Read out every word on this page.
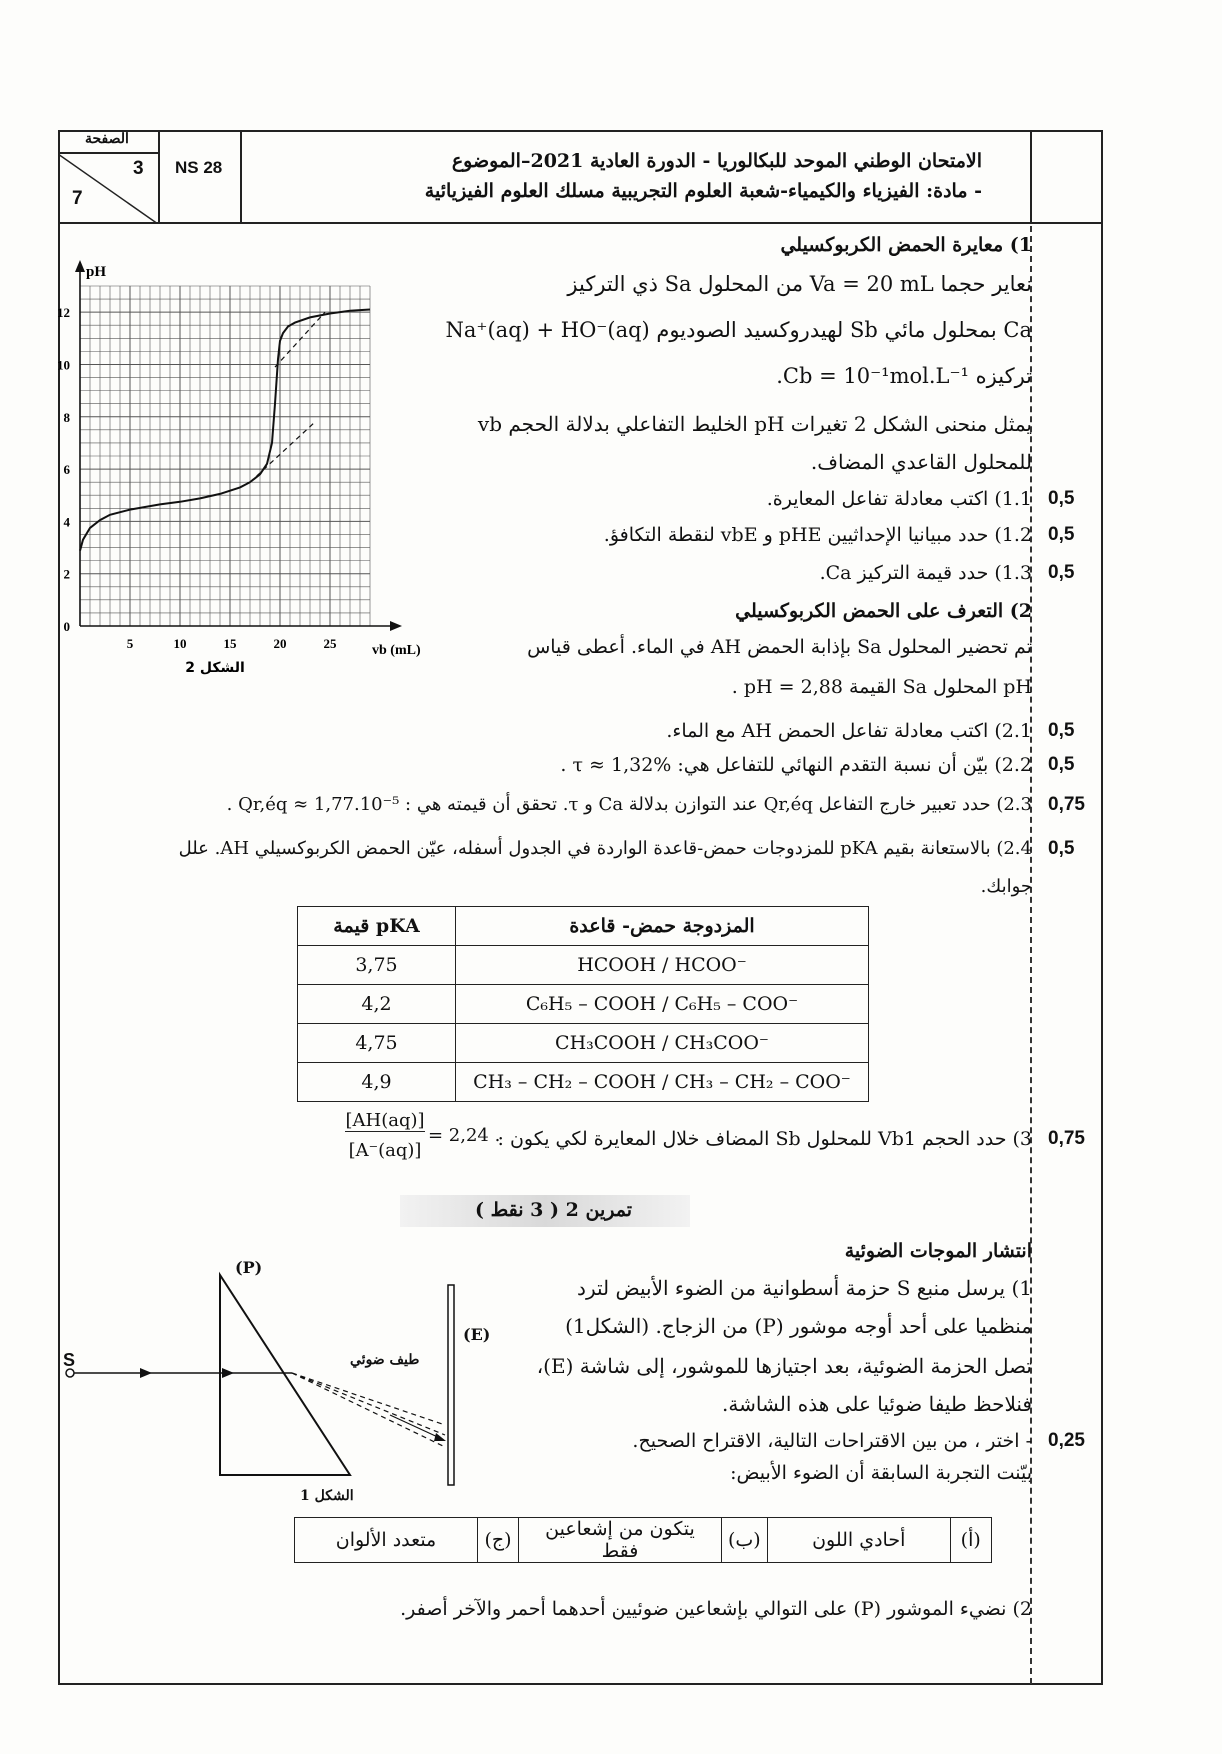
الصفحة
3
7
NS 28	الامتحان الوطني الموحد للبكالوريا - الدورة العادية 2021–الموضوع
- مادة: الفيزياء والكيمياء-شعبة العلوم التجريبية مسلك العلوم الفيزيائية
5	10	15	20	25
0
2
4
6
8
10
12
pH
vb (mL)
الشكل 2
1) معايرة الحمض الكربوكسيلي
نعاير حجما Va = 20 mL من المحلول Sa ذي التركيز
Ca بمحلول مائي Sb لهيدروكسيد الصوديوم Na⁺(aq) + HO⁻(aq)
تركيزه Cb = 10⁻¹mol.L⁻¹.
يمثل منحنى الشكل 2 تغيرات pH الخليط التفاعلي بدلالة الحجم vb
للمحلول القاعدي المضاف.
1.1) اكتب معادلة تفاعل المعايرة.
1.2) حدد مبيانيا الإحداثيين pHE و vbE لنقطة التكافؤ.
1.3) حدد قيمة التركيز Ca.
2) التعرف على الحمض الكربوكسيلي
تم تحضير المحلول Sa بإذابة الحمض AH في الماء. أعطى قياس
pH المحلول Sa القيمة pH = 2,88 .
2.1) اكتب معادلة تفاعل الحمض AH مع الماء.
2.2) بيّن أن نسبة التقدم النهائي للتفاعل هي: τ ≈ 1,32% .
2.3) حدد تعبير خارج التفاعل Qr,éq عند التوازن بدلالة Ca و τ. تحقق أن قيمته هي : Qr,éq ≈ 1,77.10⁻⁵ .
2.4) بالاستعانة بقيم pKA للمزدوجات حمض-قاعدة الواردة في الجدول أسفله، عيّن الحمض الكربوكسيلي AH. علل
جوابك.
قيمة pKA	المزدوجة حمض- قاعدة
3,75	HCOOH / HCOO⁻
4,2	C₆H₅ – COOH / C₆H₅ – COO⁻
4,75	CH₃COOH / CH₃COO⁻
4,9	CH₃ – CH₂ – COOH / CH₃ – CH₂ – COO⁻
3) حدد الحجم Vb1 للمحلول Sb المضاف خلال المعايرة لكي يكون :
[AH(aq)]
[A⁻(aq)]
= 2,24 .
تمرين 2 ( 3 نقط )
انتشار الموجات الضوئية
1) يرسل منبع S حزمة أسطوانية من الضوء الأبيض لترد
منظميا على أحد أوجه موشور (P) من الزجاج. (الشكل1)
تصل الحزمة الضوئية، بعد اجتيازها للموشور، إلى شاشة (E)،
فنلاحظ طيفا ضوئيا على هذه الشاشة.
- اختر ، من بين الاقتراحات التالية، الاقتراح الصحيح.
بيّنت التجربة السابقة أن الضوء الأبيض:
(أ)	أحادي اللون	(ب)	يتكون من إشعاعين فقط	(ج)	متعدد الألوان
2) نضيء الموشور (P) على التوالي بإشعاعين ضوئيين أحدهما أحمر والآخر أصفر.
S
(P)
(E)
طيف ضوئي
الشكل 1
0,5
0,5
0,5
0,5
0,5
0,75
0,5
0,75
0,25
